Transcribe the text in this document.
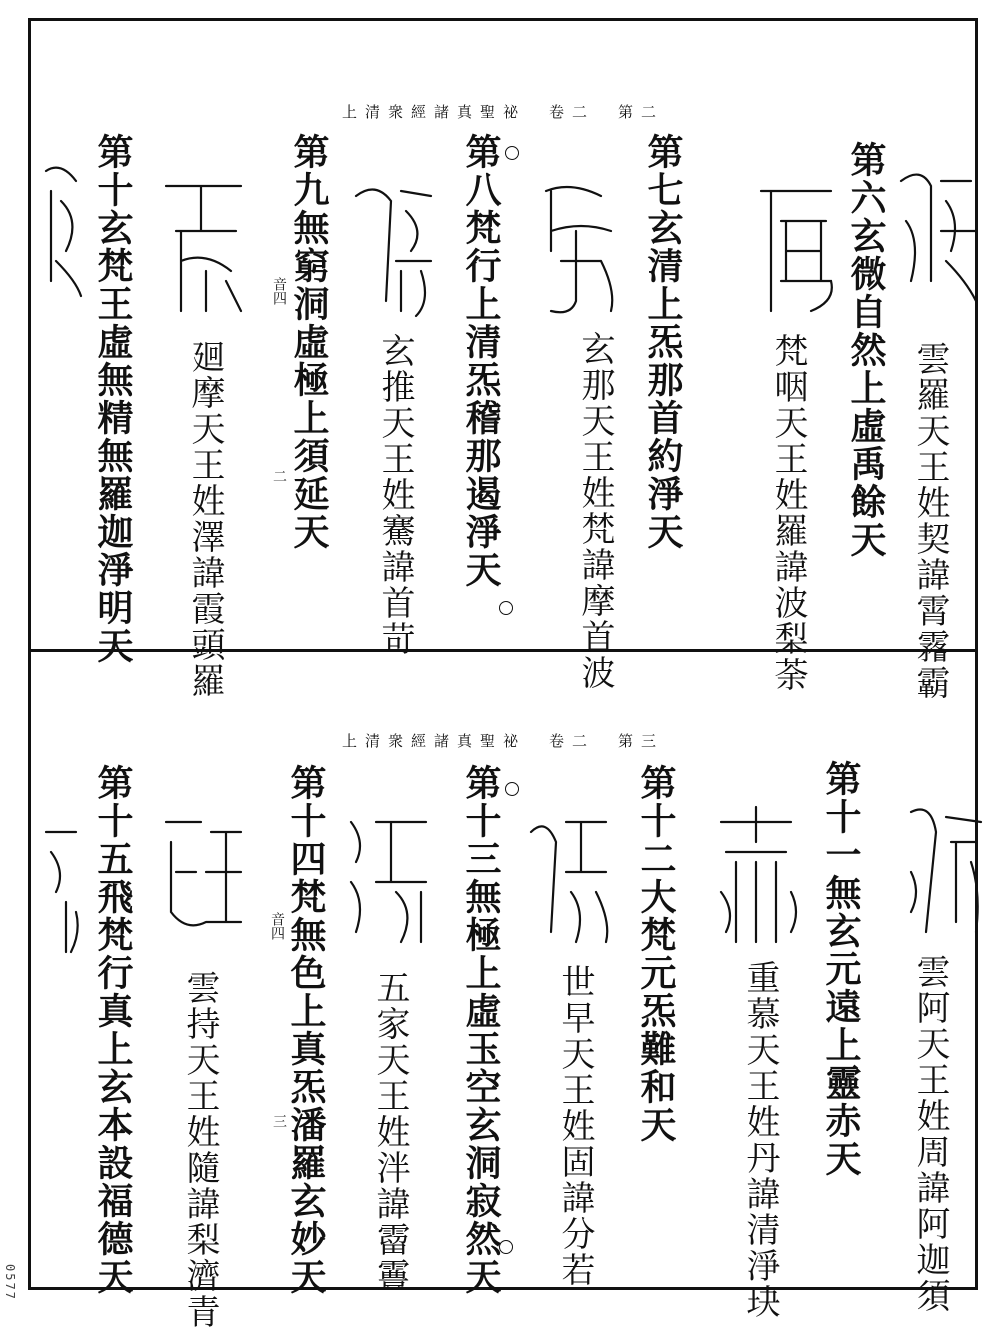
上清衆經諸真聖祕　卷二　第二
第六玄微自然上虛禹餘天 雲羅天王姓契諱霄霿霸
第七玄清上炁那首約淨天 梵咽天王姓羅諱波梨荼
第八梵行上清炁稽那遏淨天 玄那天王姓梵諱摩首波
第九無窮洞虛極上須延天 玄推天王姓騫諱首苛
第十玄梵王虛無精無羅迦淨明天 廻摩天王姓澤諱霞頭羅
音四
二
上清衆經諸真聖祕　卷二　第三
第十一無玄元遠上靈赤天 雲阿天王姓周諱阿迦須
第十二大梵元炁難和天 重慕天王姓丹諱清淨玦
第十三無極上虛玉空玄洞寂然天 世早天王姓固諱分若
第十四梵無色上真炁潘羅玄妙天 五家天王姓泮諱霤霻
第十五飛梵行真上玄本設福德天 雲持天王姓隨諱梨濟青
音四
三
0577
